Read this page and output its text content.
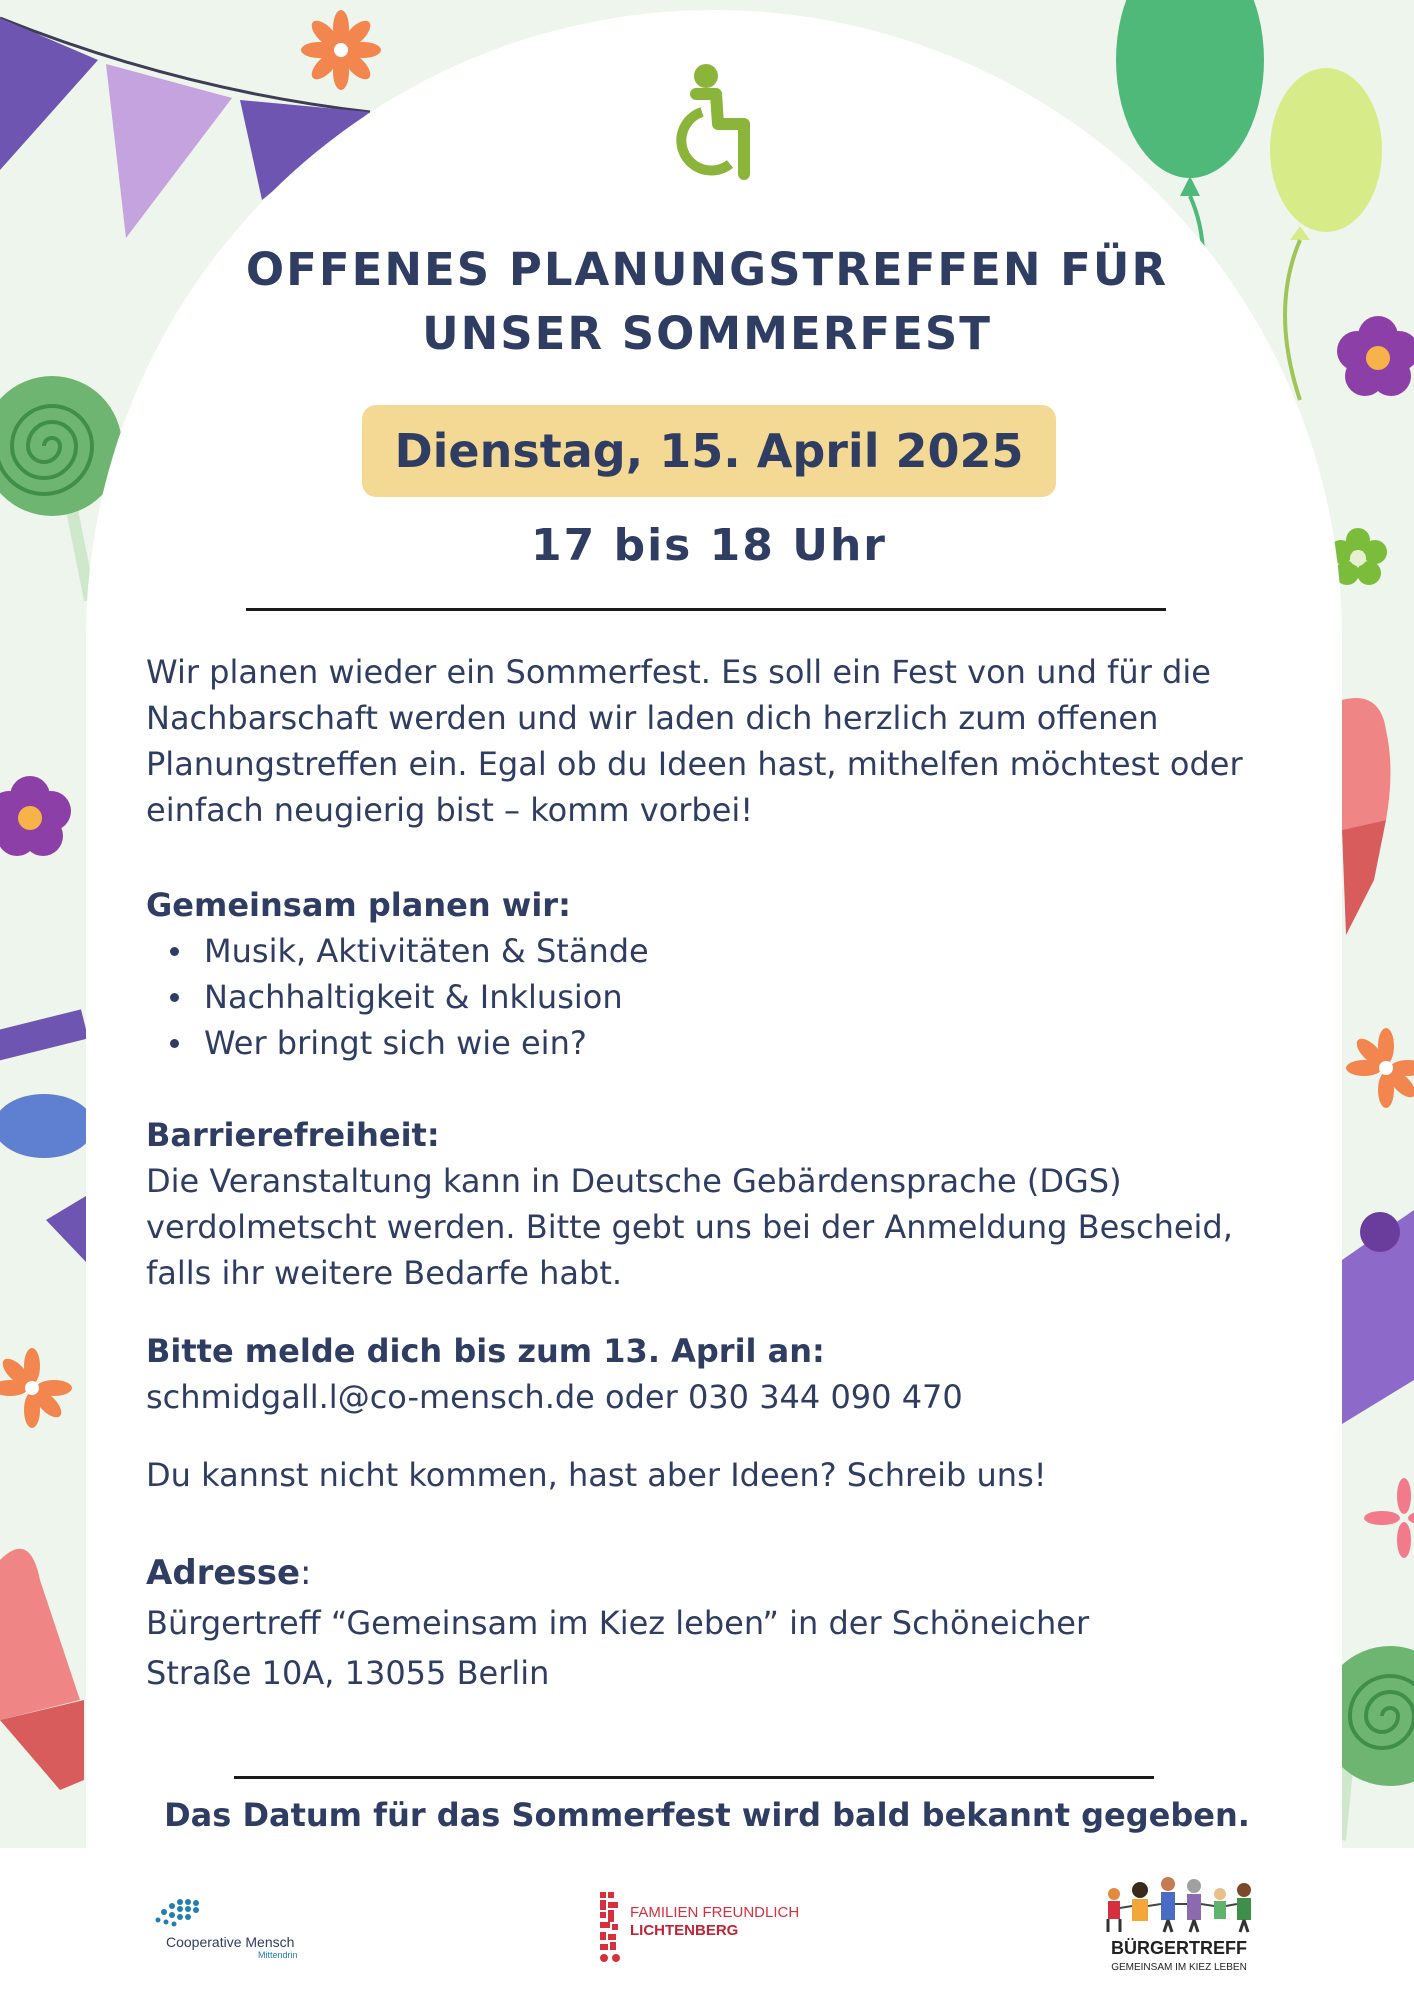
OFFENES PLANUNGSTREFFEN FÜR
UNSER SOMMERFEST
Dienstag, 15. April 2025
17 bis 18 Uhr
Wir planen wieder ein Sommerfest. Es soll ein Fest von und für die Nachbarschaft werden und wir laden dich herzlich zum offenen Planungstreffen ein. Egal ob du Ideen hast, mithelfen möchtest oder einfach neugierig bist – komm vorbei!
Gemeinsam planen wir:
Musik, Aktivitäten & Stände
Nachhaltigkeit & Inklusion
Wer bringt sich wie ein?
Barrierefreiheit:
Die Veranstaltung kann in Deutsche Gebärdensprache (DGS) verdolmetscht werden. Bitte gebt uns bei der Anmeldung Bescheid, falls ihr weitere Bedarfe habt.
Bitte melde dich bis zum 13. April an:
schmidgall.l@co-mensch.de oder 030 344 090 470
Du kannst nicht kommen, hast aber Ideen? Schreib uns!
Adresse:
Bürgertreff “Gemeinsam im Kiez leben” in der Schöneicher
Straße 10A, 13055 Berlin
Das Datum für das Sommerfest wird bald bekannt gegeben.
Cooperative Mensch
Mittendrin
FAMILIEN FREUNDLICH
LICHTENBERG
BÜRGERTREFF
GEMEINSAM IM KIEZ LEBEN
